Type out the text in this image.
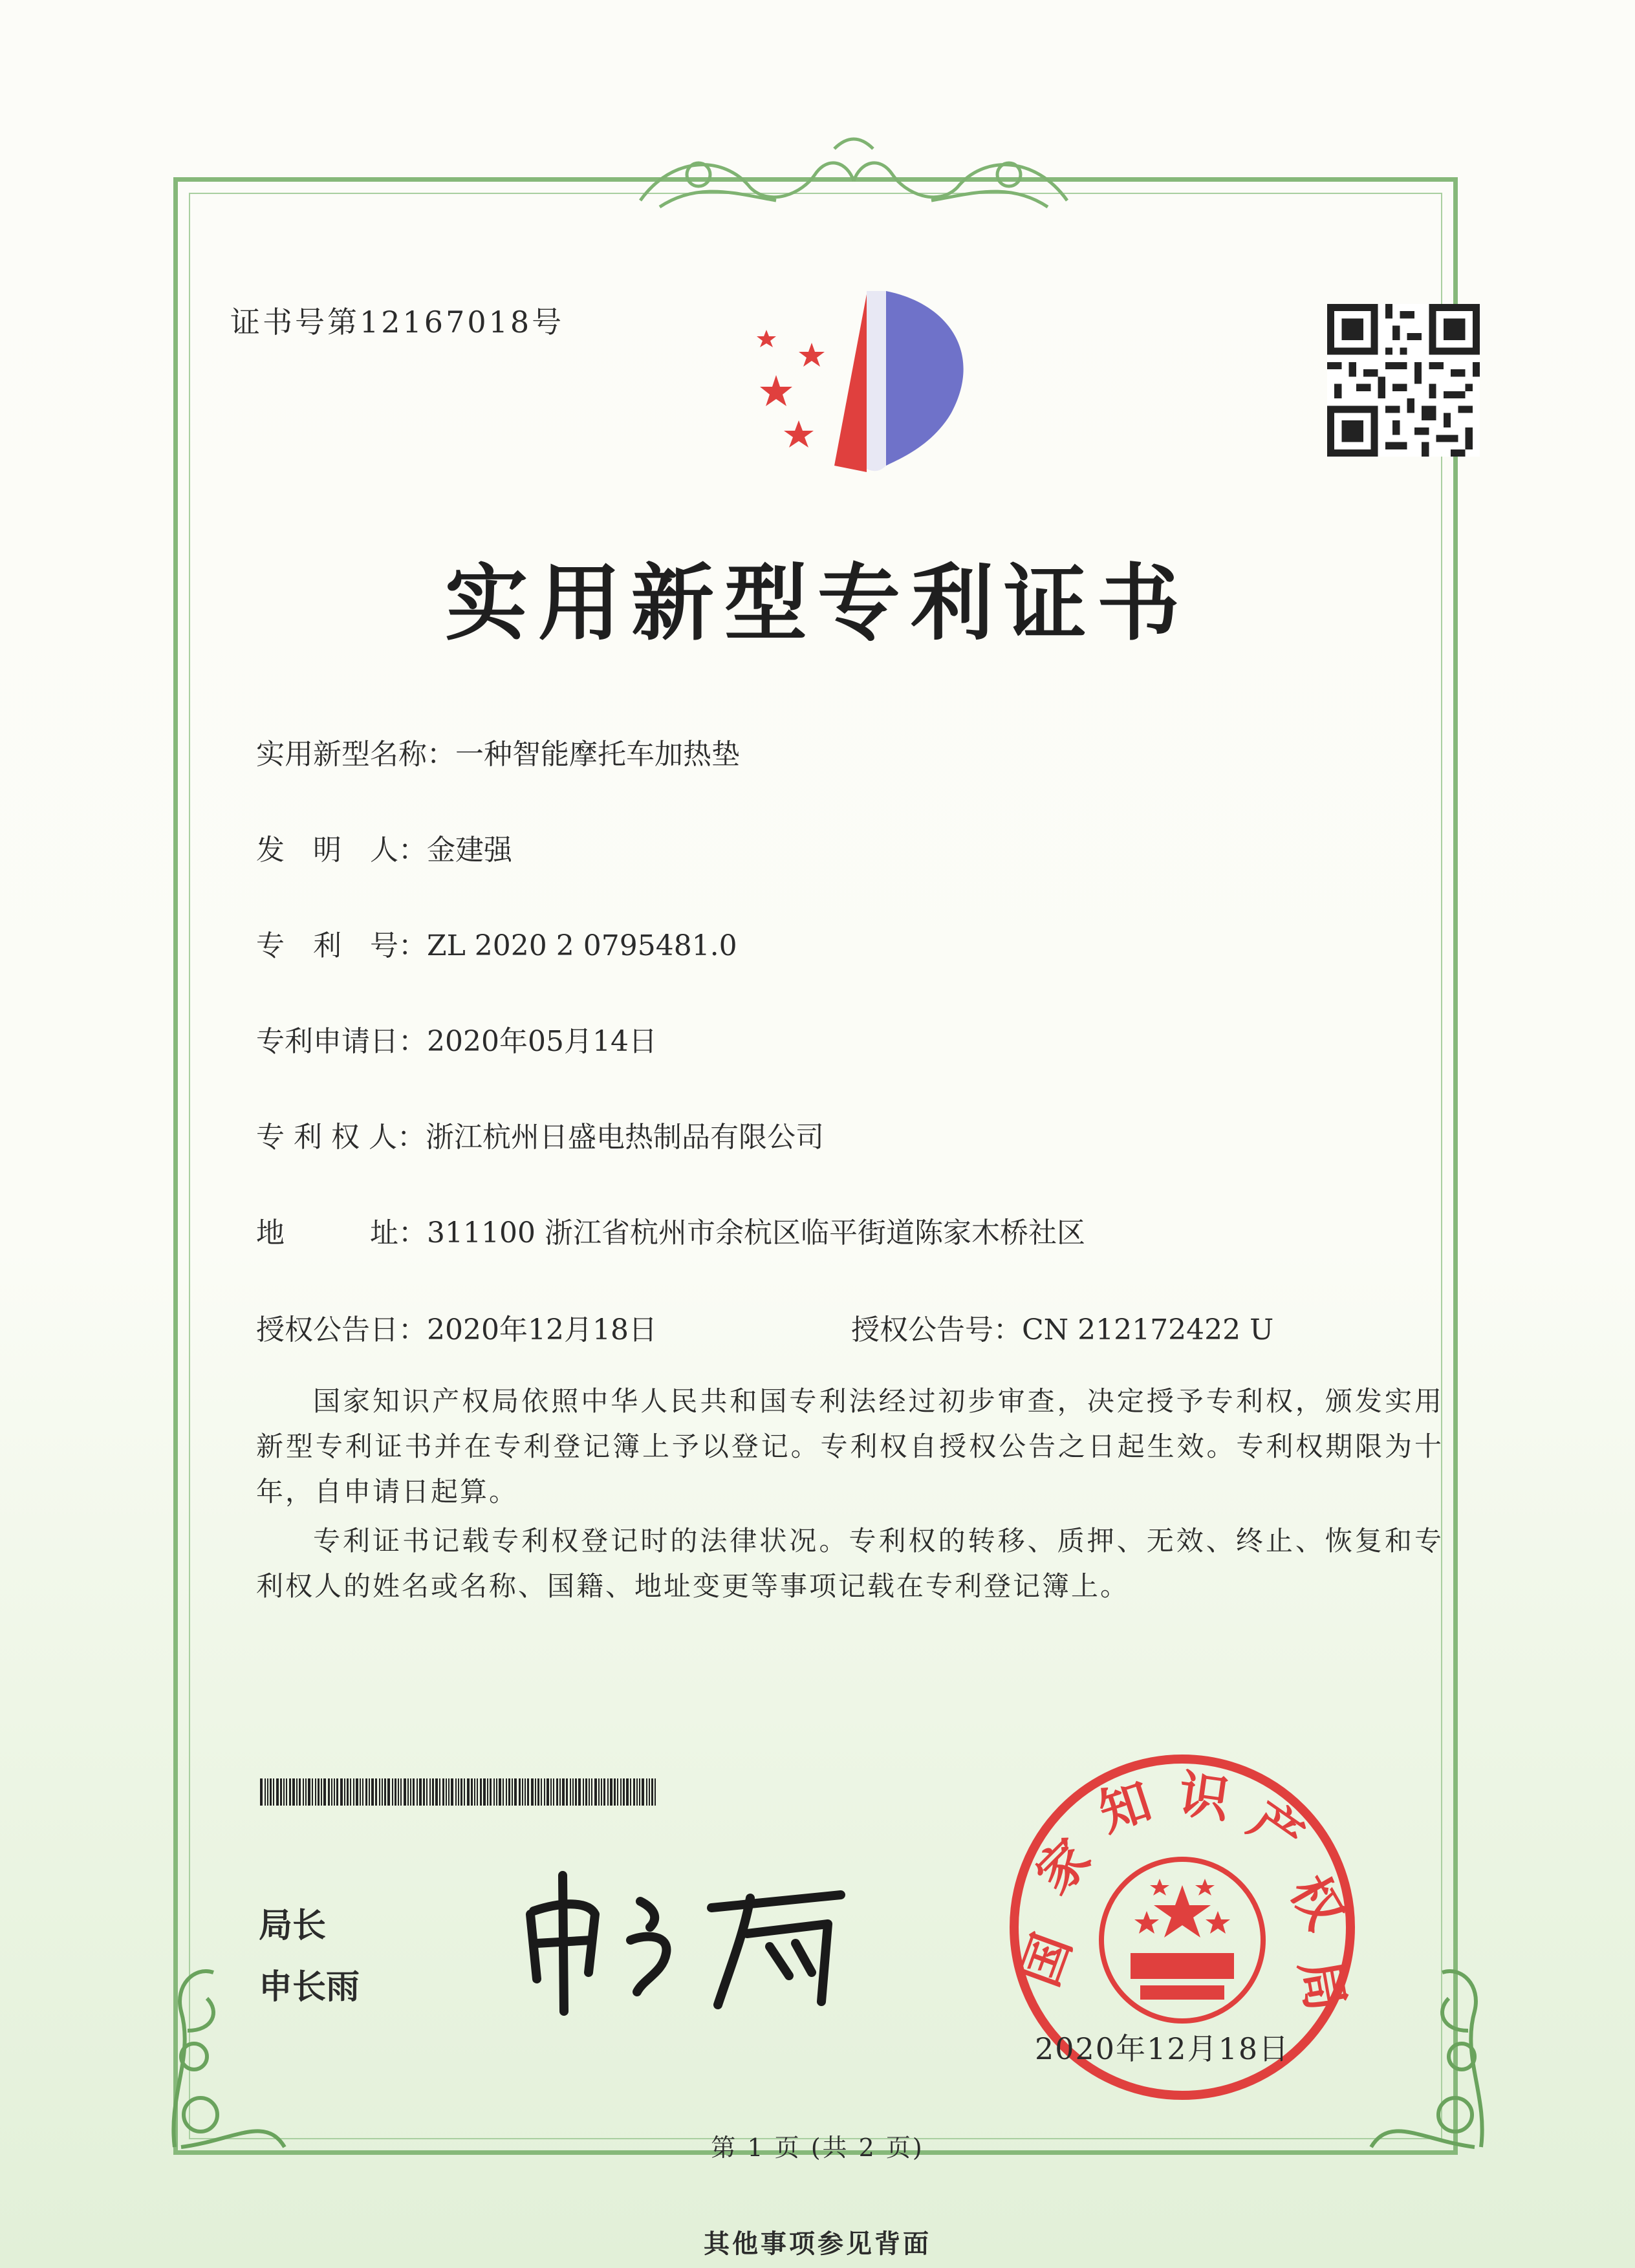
证书号第12167018号
实用新型专利证书
实用新型名称：一种智能摩托车加热垫
发　明　人：金建强
专　利　号：ZL 2020 2 0795481.0
专利申请日：2020年05月14日
专 利 权 人：浙江杭州日盛电热制品有限公司
地　　　址：311100 浙江省杭州市余杭区临平街道陈家木桥社区
授权公告日：2020年12月18日	授权公告号：CN 212172422 U
国家知识产权局依照中华人民共和国专利法经过初步审查，决定授予专利权，颁发实用新型专利证书并在专利登记簿上予以登记。专利权自授权公告之日起生效。专利权期限为十年，自申请日起算。
专利证书记载专利权登记时的法律状况。专利权的转移、质押、无效、终止、恢复和专利权人的姓名或名称、国籍、地址变更等事项记载在专利登记簿上。
局长
申长雨	国
家
知 识 产
权
局
2020年12月18日
第 1 页 (共 2 页)
其他事项参见背面
